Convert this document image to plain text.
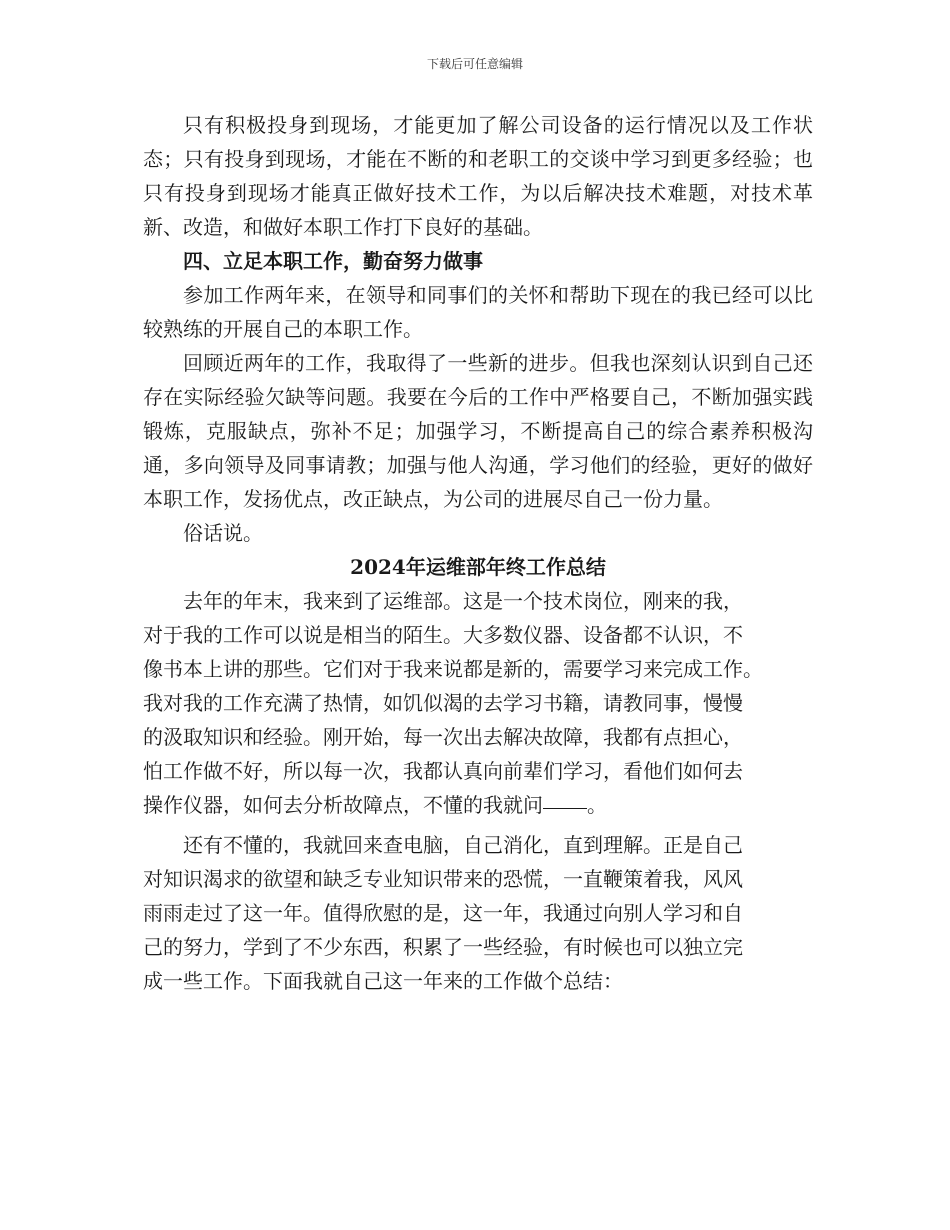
下载后可任意编辑

只有积极投身到现场，才能更加了解公司设备的运行情况以及工作状态；只有投身到现场，才能在不断的和老职工的交谈中学习到更多经验；也只有投身到现场才能真正做好技术工作，为以后解决技术难题，对技术革新、改造，和做好本职工作打下良好的基础。

四、立足本职工作，勤奋努力做事

参加工作两年来，在领导和同事们的关怀和帮助下现在的我已经可以比较熟练的开展自己的本职工作。

回顾近两年的工作，我取得了一些新的进步。但我也深刻认识到自己还存在实际经验欠缺等问题。我要在今后的工作中严格要自己，不断加强实践锻炼，克服缺点，弥补不足；加强学习，不断提高自己的综合素养积极沟通，多向领导及同事请教；加强与他人沟通，学习他们的经验，更好的做好本职工作，发扬优点，改正缺点，为公司的进展尽自己一份力量。

俗话说。

2024年运维部年终工作总结

去年的年末，我来到了运维部。这是一个技术岗位，刚来的我，

对于我的工作可以说是相当的陌生。大多数仪器、设备都不认识，不

像书本上讲的那些。它们对于我来说都是新的，需要学习来完成工作。

我对我的工作充满了热情，如饥似渴的去学习书籍，请教同事，慢慢

的汲取知识和经验。刚开始，每一次出去解决故障，我都有点担心，

怕工作做不好，所以每一次，我都认真向前辈们学习，看他们如何去

操作仪器，如何去分析故障点，不懂的我就问 。

还有不懂的，我就回来查电脑，自己消化，直到理解。正是自己

对知识渴求的欲望和缺乏专业知识带来的恐慌，一直鞭策着我，风风

雨雨走过了这一年。值得欣慰的是，这一年，我通过向别人学习和自

己的努力，学到了不少东西，积累了一些经验，有时候也可以独立完

成一些工作。下面我就自己这一年来的工作做个总结：
